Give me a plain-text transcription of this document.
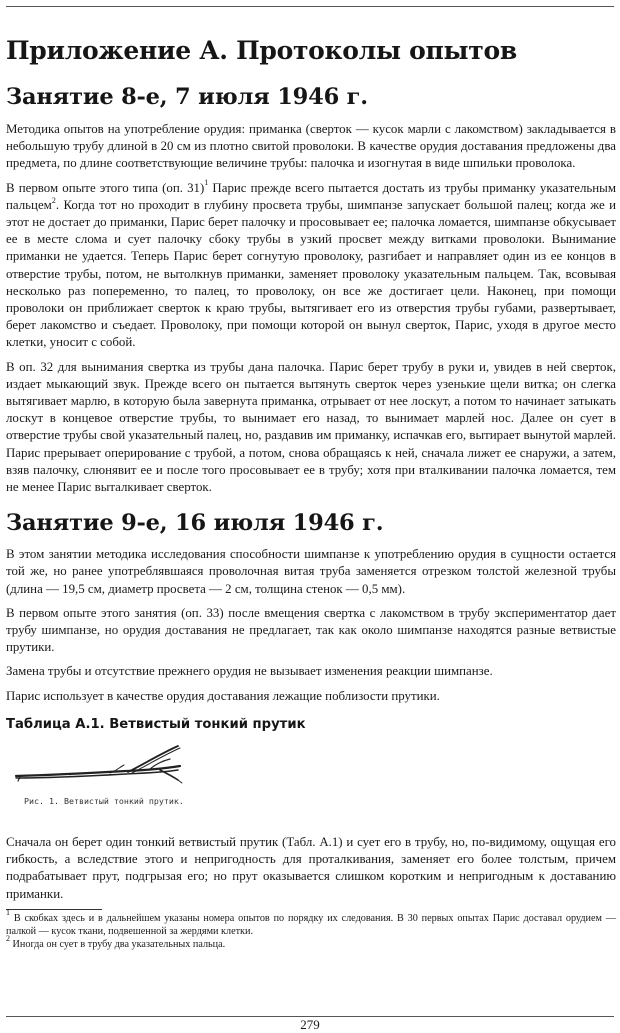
Приложение А. Протоколы опытов
Занятие 8-е, 7 июля 1946 г.

Методика опытов на употребление орудия: приманка (сверток — кусок марли с лакомством) закладывается в небольшую трубу длиной в 20 см из плотно свитой проволоки. В качестве орудия доставания предложены два предмета, по длине соответствующие величине трубы: палочка и изогнутая в виде шпильки проволока.

В первом опыте этого типа (оп. 31)$^1$ Парис прежде всего пытается достать из трубы приманку указательным пальцем$^2$. Когда тот но проходит в глубину просвета трубы, шимпанзе запускает большой палец; когда же и этот не достает до приманки, Парис берет палочку и просовывает ее; палочка ломается, шимпанзе обкусывает ее в месте слома и сует палочку сбоку трубы в узкий просвет между витками проволоки. Вынимание приманки не удается. Теперь Парис берет согнутую проволоку, разгибает и направляет один из ее концов в отверстие трубы, потом, не вытолкнув приманки, заменяет проволоку указательным пальцем. Так, всовывая несколько раз попеременно, то палец, то проволоку, он все же достигает цели. Наконец, при помощи проволоки он приближает сверток к краю трубы, вытягивает его из отверстия трубы губами, развертывает, берет лакомство и съедает. Проволоку, при помощи которой он вынул сверток, Парис, уходя в другое место клетки, уносит с собой.

В оп. 32 для вынимания свертка из трубы дана палочка. Парис берет трубу в руки и, увидев в ней сверток, издает мыкающий звук. Прежде всего он пытается вытянуть сверток через узенькие щели витка; он слегка вытягивает марлю, в которую была завернута приманка, отрывает от нее лоскут, а потом то начинает затыкать лоскут в концевое отверстие трубы, то вынимает его назад, то вынимает марлей нос. Далее он сует в отверстие трубы свой указательный палец, но, раздавив им приманку, испачкав его, вытирает вынутой марлей. Парис прерывает оперирование с трубой, а потом, снова обращаясь к ней, сначала лижет ее снаружи, а затем, взяв палочку, слюнявит ее и после того просовывает ее в трубу; хотя при вталкивании палочка ломается, тем не менее Парис выталкивает сверток.

Занятие 9-е, 16 июля 1946 г.

В этом занятии методика исследования способности шимпанзе к употреблению орудия в сущности остается той же, но ранее употреблявшаяся проволочная витая труба заменяется отрезком толстой железной трубы (длина — 19,5 см, диаметр просвета — 2 см, толщина стенок — 0,5 мм).

В первом опыте этого занятия (оп. 33) после вмещения свертка с лакомством в трубу экспериментатор дает трубу шимпанзе, но орудия доставания не предлагает, так как около шимпанзе находятся разные ветвистые прутики.

Замена трубы и отсутствие прежнего орудия не вызывает изменения реакции шимпанзе.

Парис использует в качестве орудия доставания лежащие поблизости прутики.

Таблица А.1. Ветвистый тонкий прутик
Рис. 1. Ветвистый тонкий прутик.

Сначала он берет один тонкий ветвистый прутик (Табл. А.1) и сует его в трубу, но, по-видимому, ощущая его гибкость, а вследствие этого и непригодность для проталкивания, заменяет его более толстым, причем подрабатывает прут, подгрызая его; но прут оказывается слишком коротким и непригодным к доставанию приманки.

$^1$ В скобках здесь и в дальнейшем указаны номера опытов по порядку их следования. В 30 первых опытах Парис доставал орудием — палкой — кусок ткани, подвешенной за жердями клетки.

$^2$ Иногда он сует в трубу два указательных пальца.

279
